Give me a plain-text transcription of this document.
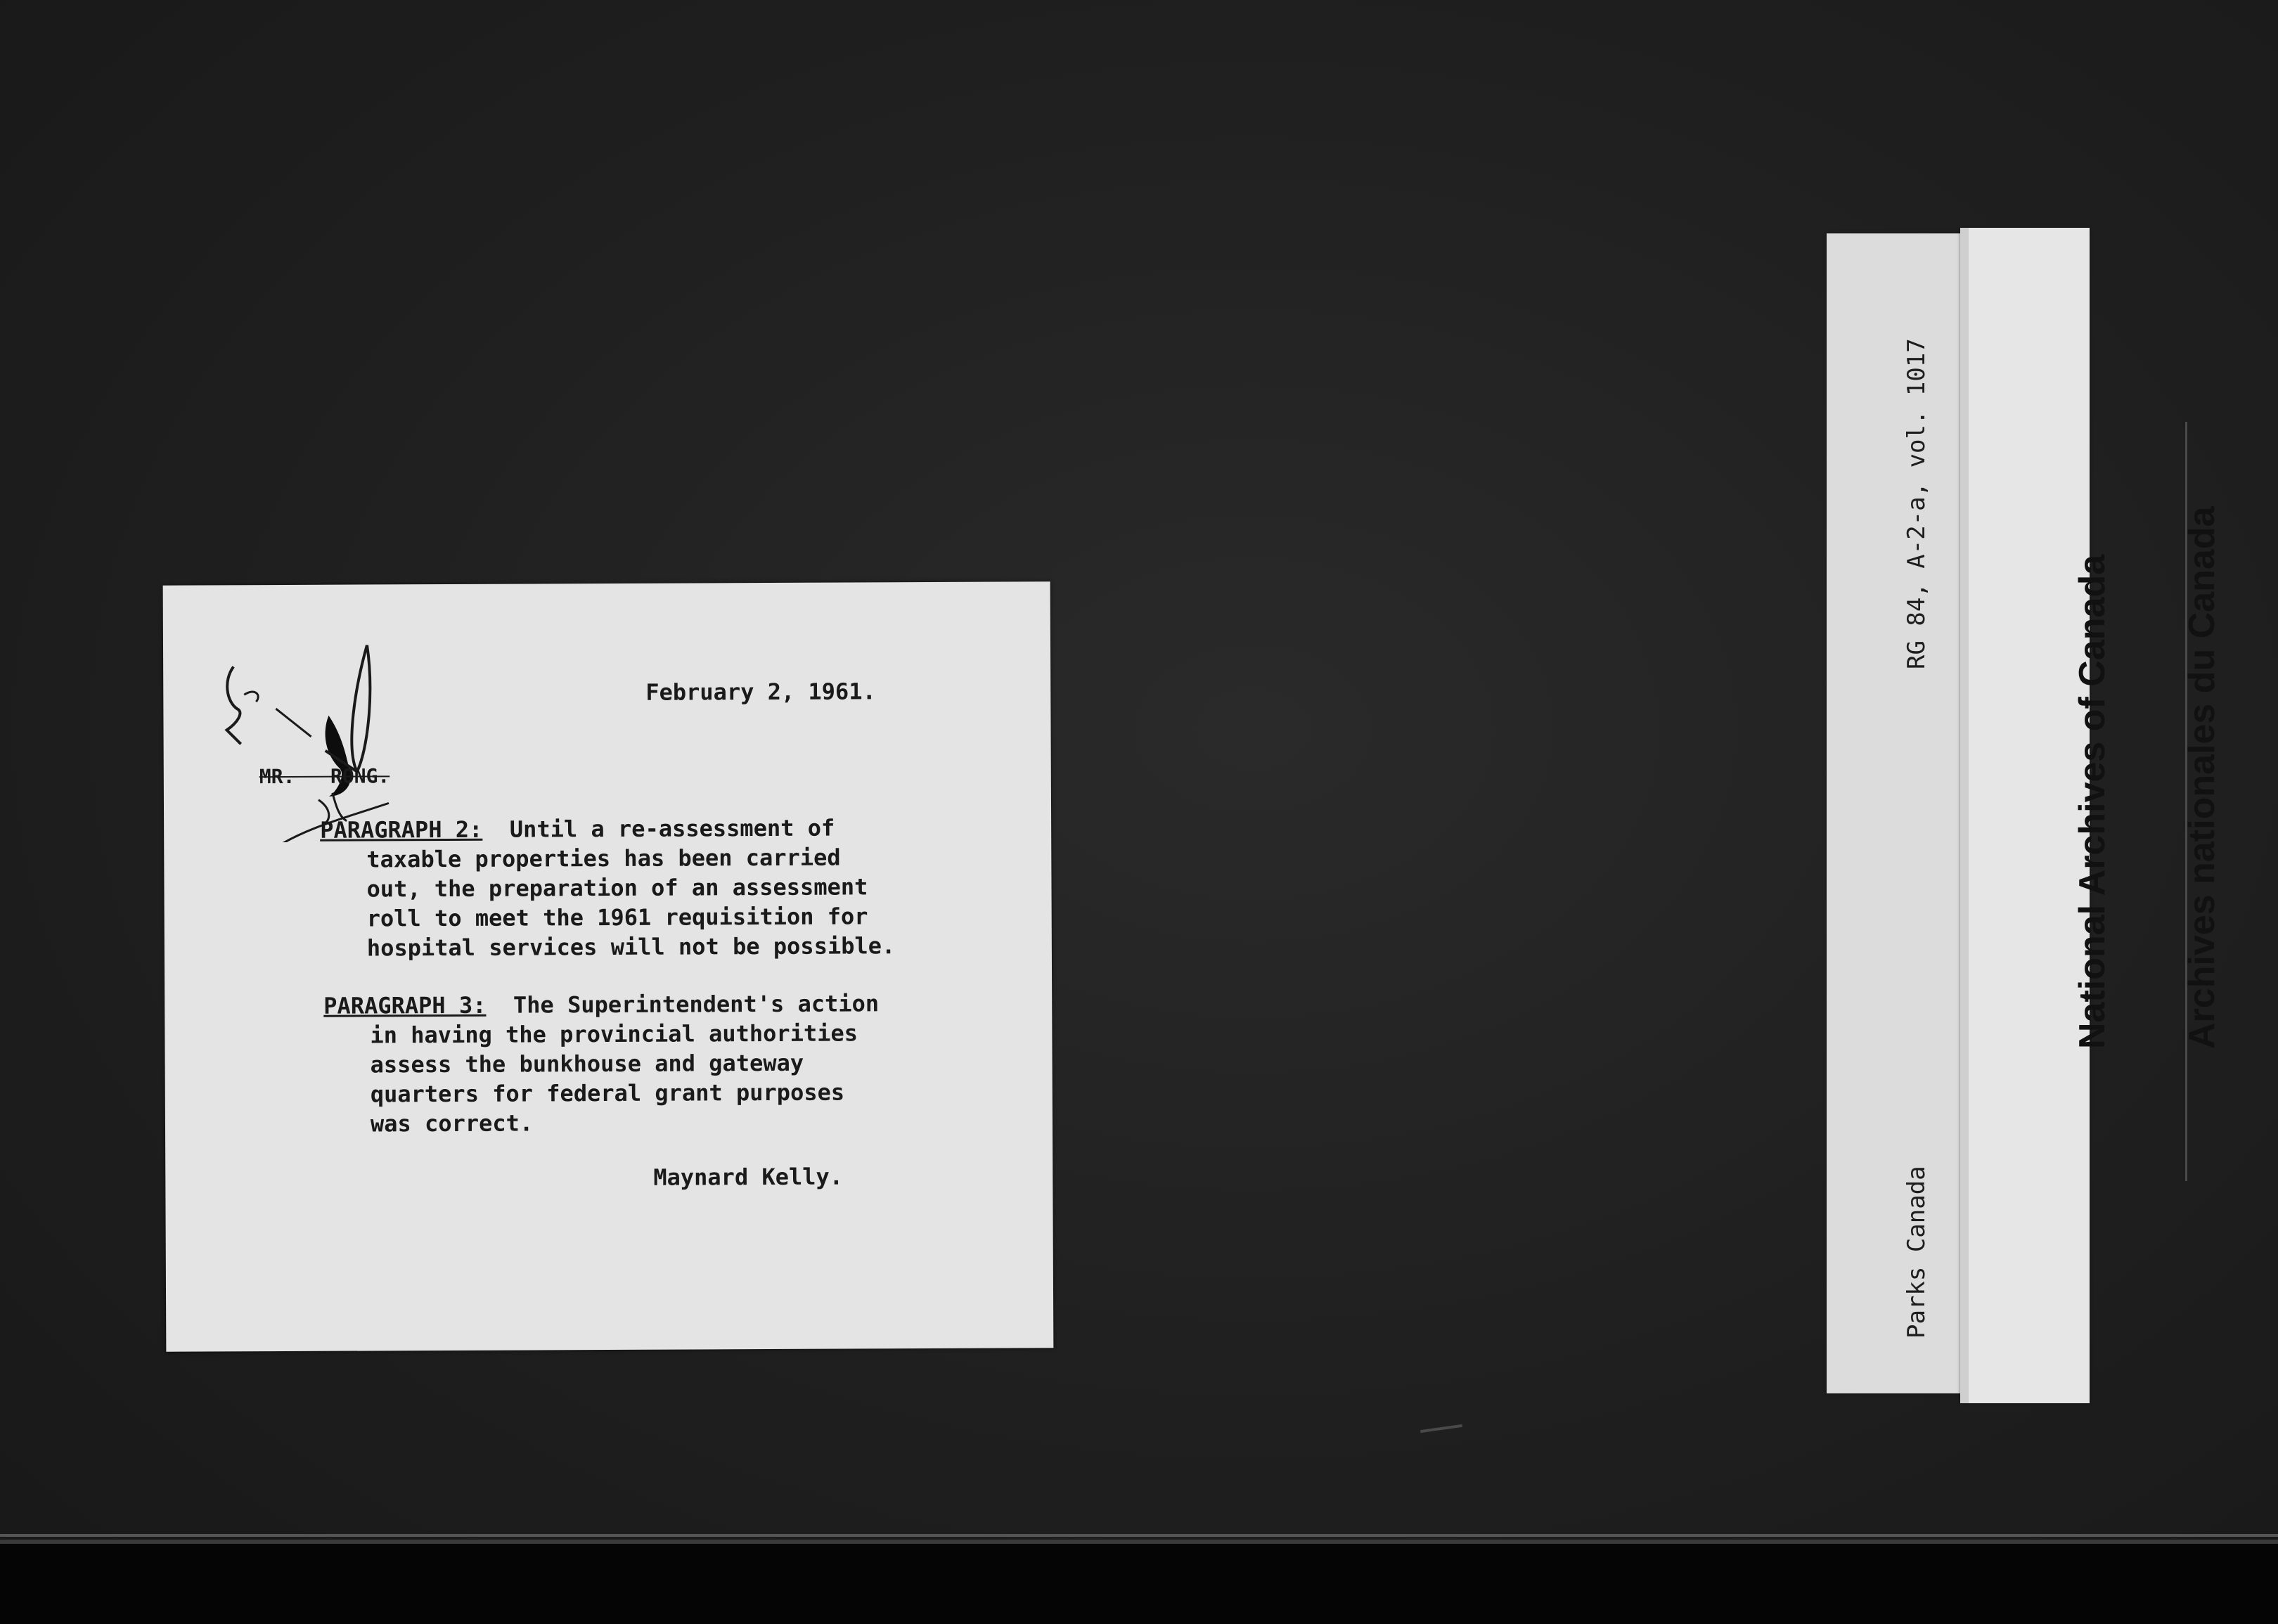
February 2, 1961.
MR.   RONG.
PARAGRAPH 2: Until a re-assessment of
taxable properties has been carried
out, the preparation of an assessment
roll to meet the 1961 requisition for
hospital services will not be possible.
PARAGRAPH 3: The Superintendent's action
in having the provincial authorities
assess the bunkhouse and gateway
quarters for federal grant purposes
was correct.
Maynard Kelly.

RG 84, A-2-a, vol. 1017

Parks Canada

National Archives of Canada

Archives nationales du Canada
